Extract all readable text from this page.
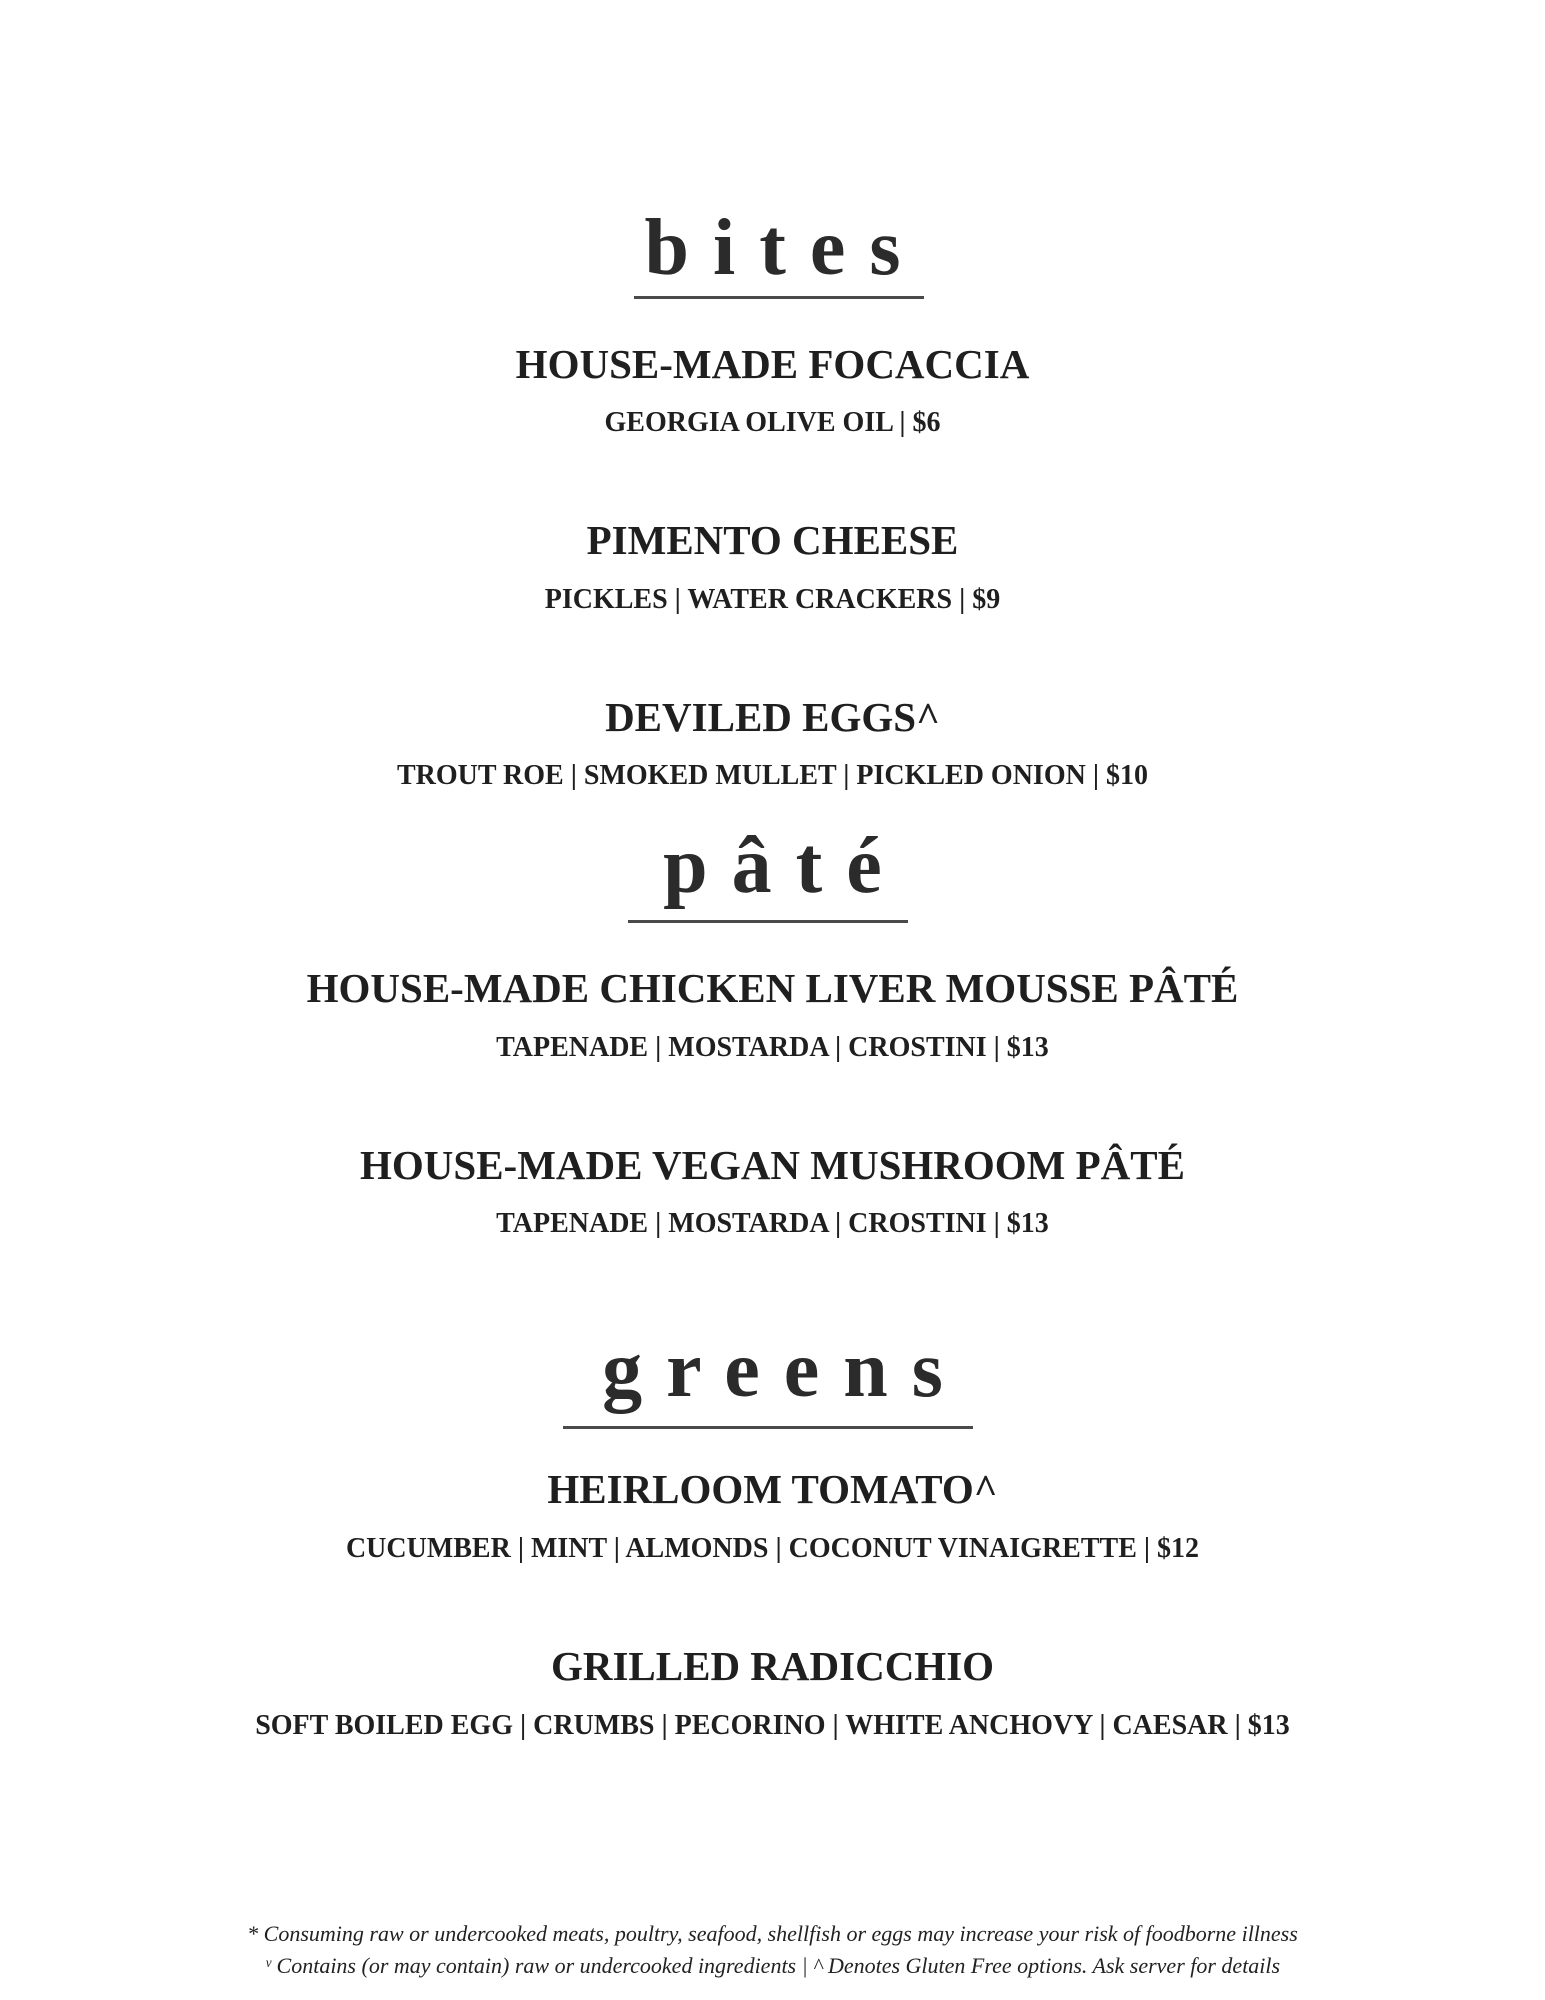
bites
HOUSE-MADE FOCACCIA
GEORGIA OLIVE OIL | $6
PIMENTO CHEESE
PICKLES | WATER CRACKERS | $9
DEVILED EGGS^
TROUT ROE | SMOKED MULLET | PICKLED ONION | $10
pâté
HOUSE-MADE CHICKEN LIVER MOUSSE PÂTÉ
TAPENADE | MOSTARDA | CROSTINI | $13
HOUSE-MADE VEGAN MUSHROOM PÂTÉ
TAPENADE | MOSTARDA | CROSTINI | $13
greens
HEIRLOOM TOMATO^
CUCUMBER | MINT | ALMONDS | COCONUT VINAIGRETTE | $12
GRILLED RADICCHIO
SOFT BOILED EGG | CRUMBS | PECORINO | WHITE ANCHOVY | CAESAR | $13
* Consuming raw or undercooked meats, poultry, seafood, shellfish or eggs may increase your risk of foodborne illness
ᵛ Contains (or may contain) raw or undercooked ingredients | ^ Denotes Gluten Free options. Ask server for details
